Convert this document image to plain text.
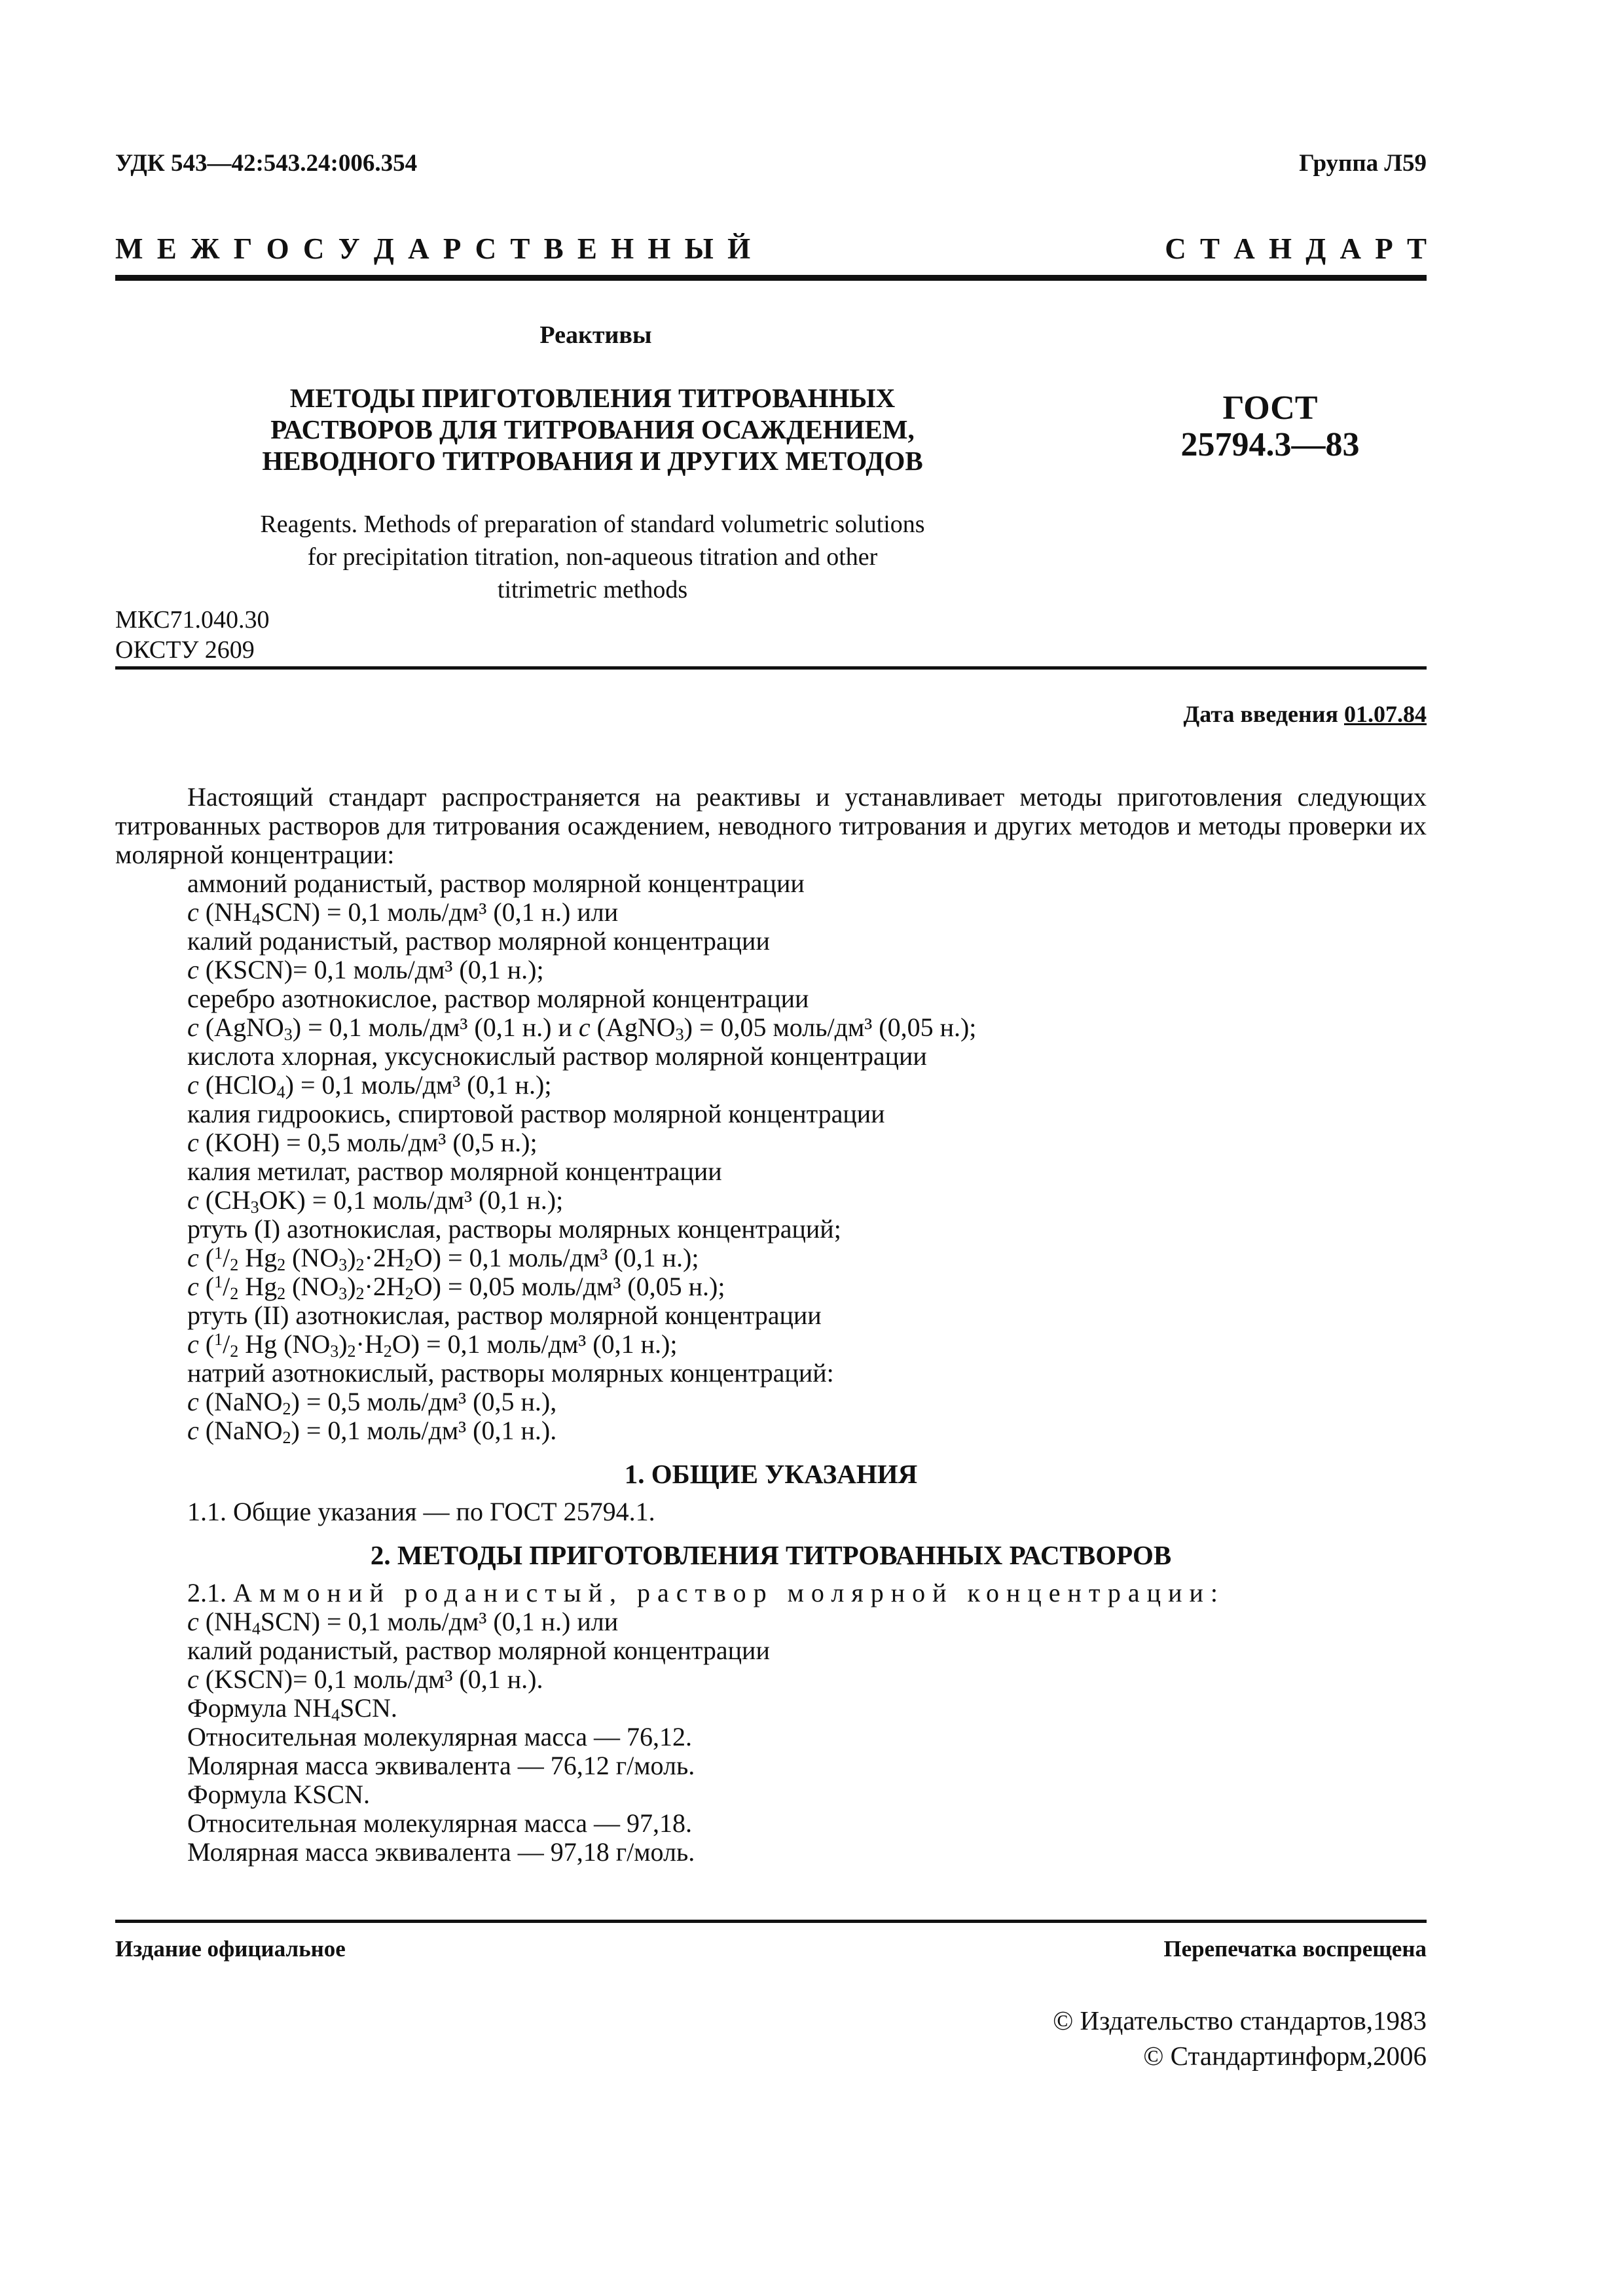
УДК 543—42:543.24:006.354	Группа Л59
М Е Ж Г О С У Д А Р С Т В Е Н Н Ы Й	С Т А Н Д А Р Т
Реактивы
МЕТОДЫ ПРИГОТОВЛЕНИЯ ТИТРОВАННЫХ
РАСТВОРОВ ДЛЯ ТИТРОВАНИЯ ОСАЖДЕНИЕМ,
НЕВОДНОГО ТИТРОВАНИЯ И ДРУГИХ МЕТОДОВ
ГОСТ
25794.3—83
Reagents. Methods of preparation of standard volumetric solutions
for precipitation titration, non-aqueous titration and other
titrimetric methods
МКС71.040.30
ОКСТУ 2609
Дата введения 01.07.84
Настоящий стандарт распространяется на реактивы и устанавливает методы приготовления следующих титрованных растворов для титрования осаждением, неводного титрования и других методов и методы проверки их молярной концентрации:
аммоний роданистый, раствор молярной концентрации
c $(NH_4SCN) = 0,1$ моль/дм³ (0,1 н.) или
калий роданистый, раствор молярной концентрации
c (KSCN)= 0,1 моль/дм³ (0,1 н.);
серебро азотнокислое, раствор молярной концентрации
c (AgNO$_3$) = 0,1 моль/дм³ (0,1 н.) и c (AgNO$_3$) = 0,05 моль/дм³ (0,05 н.);
кислота хлорная, уксуснокислый раствор молярной концентрации
c (HClO$_4$) = 0,1 моль/дм³ (0,1 н.);
калия гидроокись, спиртовой раствор молярной концентрации
c (KOH) = 0,5 моль/дм³ (0,5 н.);
калия метилат, раствор молярной концентрации
c $(CH_3OK) = 0,1$ моль/дм³ (0,1 н.);
ртуть (I) азотнокислая, растворы молярных концентраций;
c ($^1/_2$ $Hg_2$ $(NO_3)_2\cdot 2H_2O) = 0,1$ моль/дм³ (0,1 н.);
c ($^1/_2$ $Hg_2$ $(NO_3)_2\cdot 2H_2O) = 0,05$ моль/дм³ (0,05 н.);
ртуть (II) азотнокислая, раствор молярной концентрации
c ($^1/_2$ Hg $(NO_3)_2\cdot H_2O) = 0,1$ моль/дм³ (0,1 н.);
натрий азотнокислый, растворы молярных концентраций:
c (NaNO$_2$) = 0,5 моль/дм³ (0,5 н.),
c (NaNO$_2$) = 0,1 моль/дм³ (0,1 н.).
1. ОБЩИЕ УКАЗАНИЯ
1.1. Общие указания — по ГОСТ 25794.1.
2. МЕТОДЫ ПРИГОТОВЛЕНИЯ ТИТРОВАННЫХ РАСТВОРОВ
2.1. Аммоний роданистый, раствор молярной концентрации:
c $(NH_4SCN) = 0,1$ моль/дм³ (0,1 н.) или
калий роданистый, раствор молярной концентрации
c (KSCN)= 0,1 моль/дм³ (0,1 н.).
Формула $NH_4SCN$.
Относительная молекулярная масса — 76,12.
Молярная масса эквивалента — 76,12 г/моль.
Формула KSCN.
Относительная молекулярная масса — 97,18.
Молярная масса эквивалента — 97,18 г/моль.
Издание официальное	Перепечатка воспрещена
© Издательство стандартов,1983
© Стандартинформ,2006
